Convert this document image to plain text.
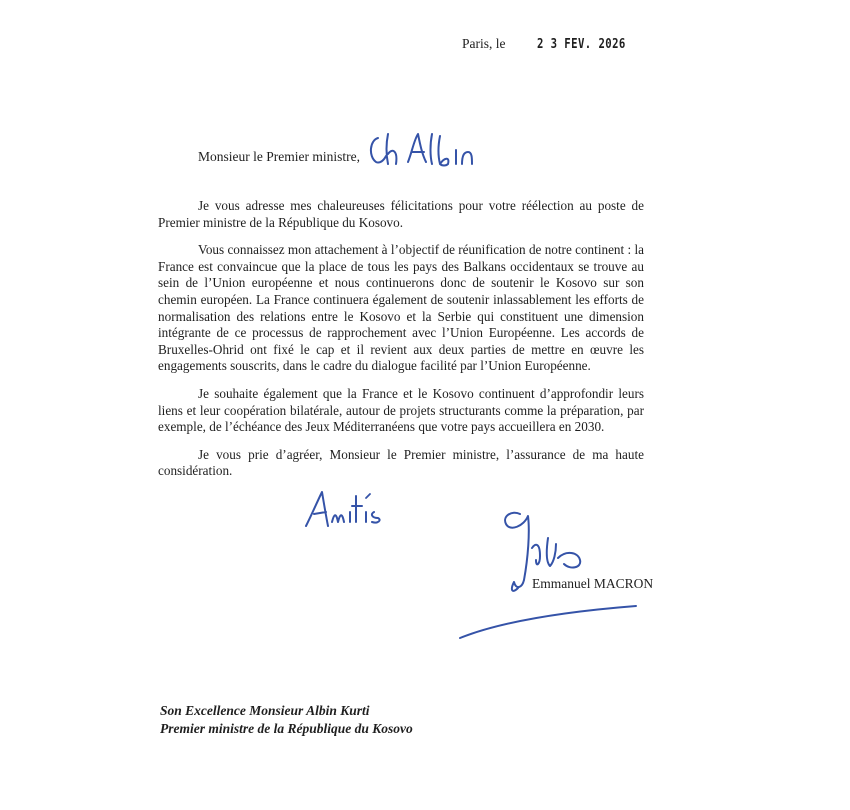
Paris, le 2 3 FEV. 2026
Monsieur le Premier ministre,

Je vous adresse mes chaleureuses félicitations pour votre réélection au poste de Premier ministre de la République du Kosovo.

Vous connaissez mon attachement à l’objectif de réunification de notre continent : la France est convaincue que la place de tous les pays des Balkans occidentaux se trouve au sein de l’Union européenne et nous continuerons donc de soutenir le Kosovo sur son chemin européen. La France continuera également de soutenir inlassablement les efforts de normalisation des relations entre le Kosovo et la Serbie qui constituent une dimension intégrante de ce processus de rapprochement avec l’Union Européenne. Les accords de Bruxelles-Ohrid ont fixé le cap et il revient aux deux parties de mettre en œuvre les engagements souscrits, dans le cadre du dialogue facilité par l’Union Européenne.

Je souhaite également que la France et le Kosovo continuent d’approfondir leurs liens et leur coopération bilatérale, autour de projets structurants comme la préparation, par exemple, de l’échéance des Jeux Méditerranéens que votre pays accueillera en 2030.

Je vous prie d’agréer, Monsieur le Premier ministre, l’assurance de ma haute considération.

Emmanuel MACRON
Son Excellence Monsieur Albin Kurti
Premier ministre de la République du Kosovo
